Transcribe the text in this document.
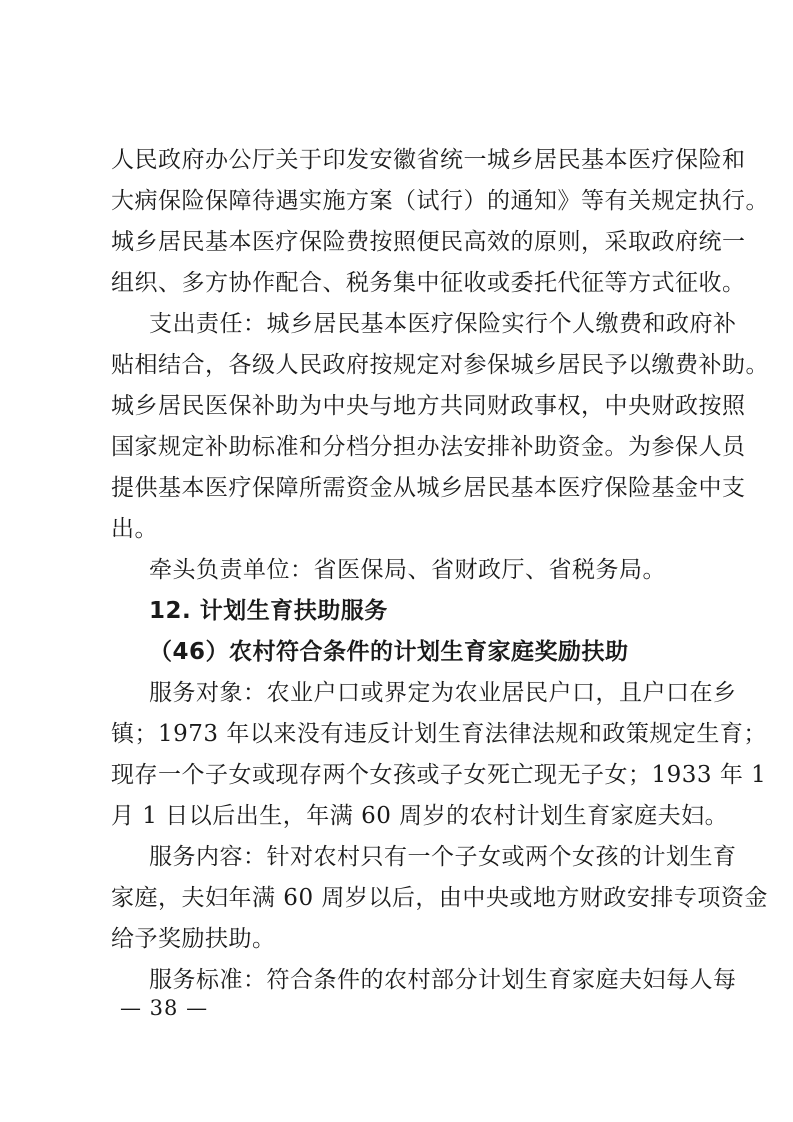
人民政府办公厅关于印发安徽省统一城乡居民基本医疗保险和
大病保险保障待遇实施方案（试行）的通知》等有关规定执行。
城乡居民基本医疗保险费按照便民高效的原则，采取政府统一
组织、多方协作配合、税务集中征收或委托代征等方式征收。
支出责任：城乡居民基本医疗保险实行个人缴费和政府补
贴相结合，各级人民政府按规定对参保城乡居民予以缴费补助。
城乡居民医保补助为中央与地方共同财政事权，中央财政按照
国家规定补助标准和分档分担办法安排补助资金。为参保人员
提供基本医疗保障所需资金从城乡居民基本医疗保险基金中支
出。
牵头负责单位：省医保局、省财政厅、省税务局。
12. 计划生育扶助服务
（46）农村符合条件的计划生育家庭奖励扶助
服务对象：农业户口或界定为农业居民户口，且户口在乡
镇；1973 年以来没有违反计划生育法律法规和政策规定生育；
现存一个子女或现存两个女孩或子女死亡现无子女；1933 年 1
月 1 日以后出生，年满 60 周岁的农村计划生育家庭夫妇。
服务内容：针对农村只有一个子女或两个女孩的计划生育
家庭，夫妇年满 60 周岁以后，由中央或地方财政安排专项资金
给予奖励扶助。
服务标准：符合条件的农村部分计划生育家庭夫妇每人每
— 38 —
